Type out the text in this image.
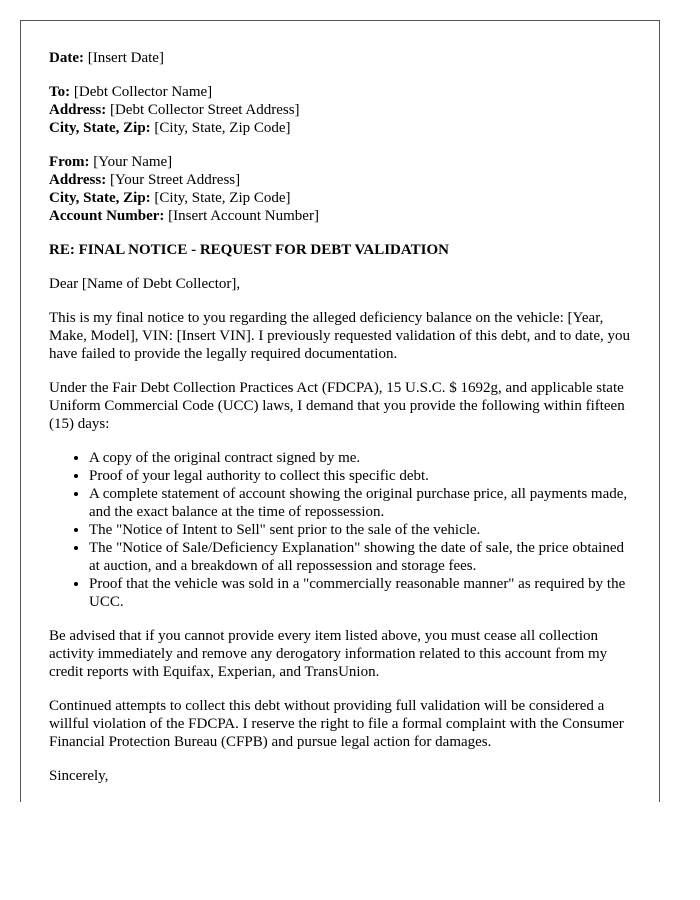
Date: [Insert Date]

To: [Debt Collector Name]
Address: [Debt Collector Street Address]
City, State, Zip: [City, State, Zip Code]

From: [Your Name]
Address: [Your Street Address]
City, State, Zip: [City, State, Zip Code]
Account Number: [Insert Account Number]

RE: FINAL NOTICE - REQUEST FOR DEBT VALIDATION

Dear [Name of Debt Collector],

This is my final notice to you regarding the alleged deficiency balance on the vehicle: [Year, Make, Model], VIN: [Insert VIN]. I previously requested validation of this debt, and to date, you have failed to provide the legally required documentation.

Under the Fair Debt Collection Practices Act (FDCPA), 15 U.S.C. $ 1692g, and applicable state Uniform Commercial Code (UCC) laws, I demand that you provide the following within fifteen (15) days:

• A copy of the original contract signed by me.
• Proof of your legal authority to collect this specific debt.
• A complete statement of account showing the original purchase price, all payments made, and the exact balance at the time of repossession.
• The "Notice of Intent to Sell" sent prior to the sale of the vehicle.
• The "Notice of Sale/Deficiency Explanation" showing the date of sale, the price obtained at auction, and a breakdown of all repossession and storage fees.
• Proof that the vehicle was sold in a "commercially reasonable manner" as required by the UCC.

Be advised that if you cannot provide every item listed above, you must cease all collection activity immediately and remove any derogatory information related to this account from my credit reports with Equifax, Experian, and TransUnion.

Continued attempts to collect this debt without providing full validation will be considered a willful violation of the FDCPA. I reserve the right to file a formal complaint with the Consumer Financial Protection Bureau (CFPB) and pursue legal action for damages.

Sincerely,
